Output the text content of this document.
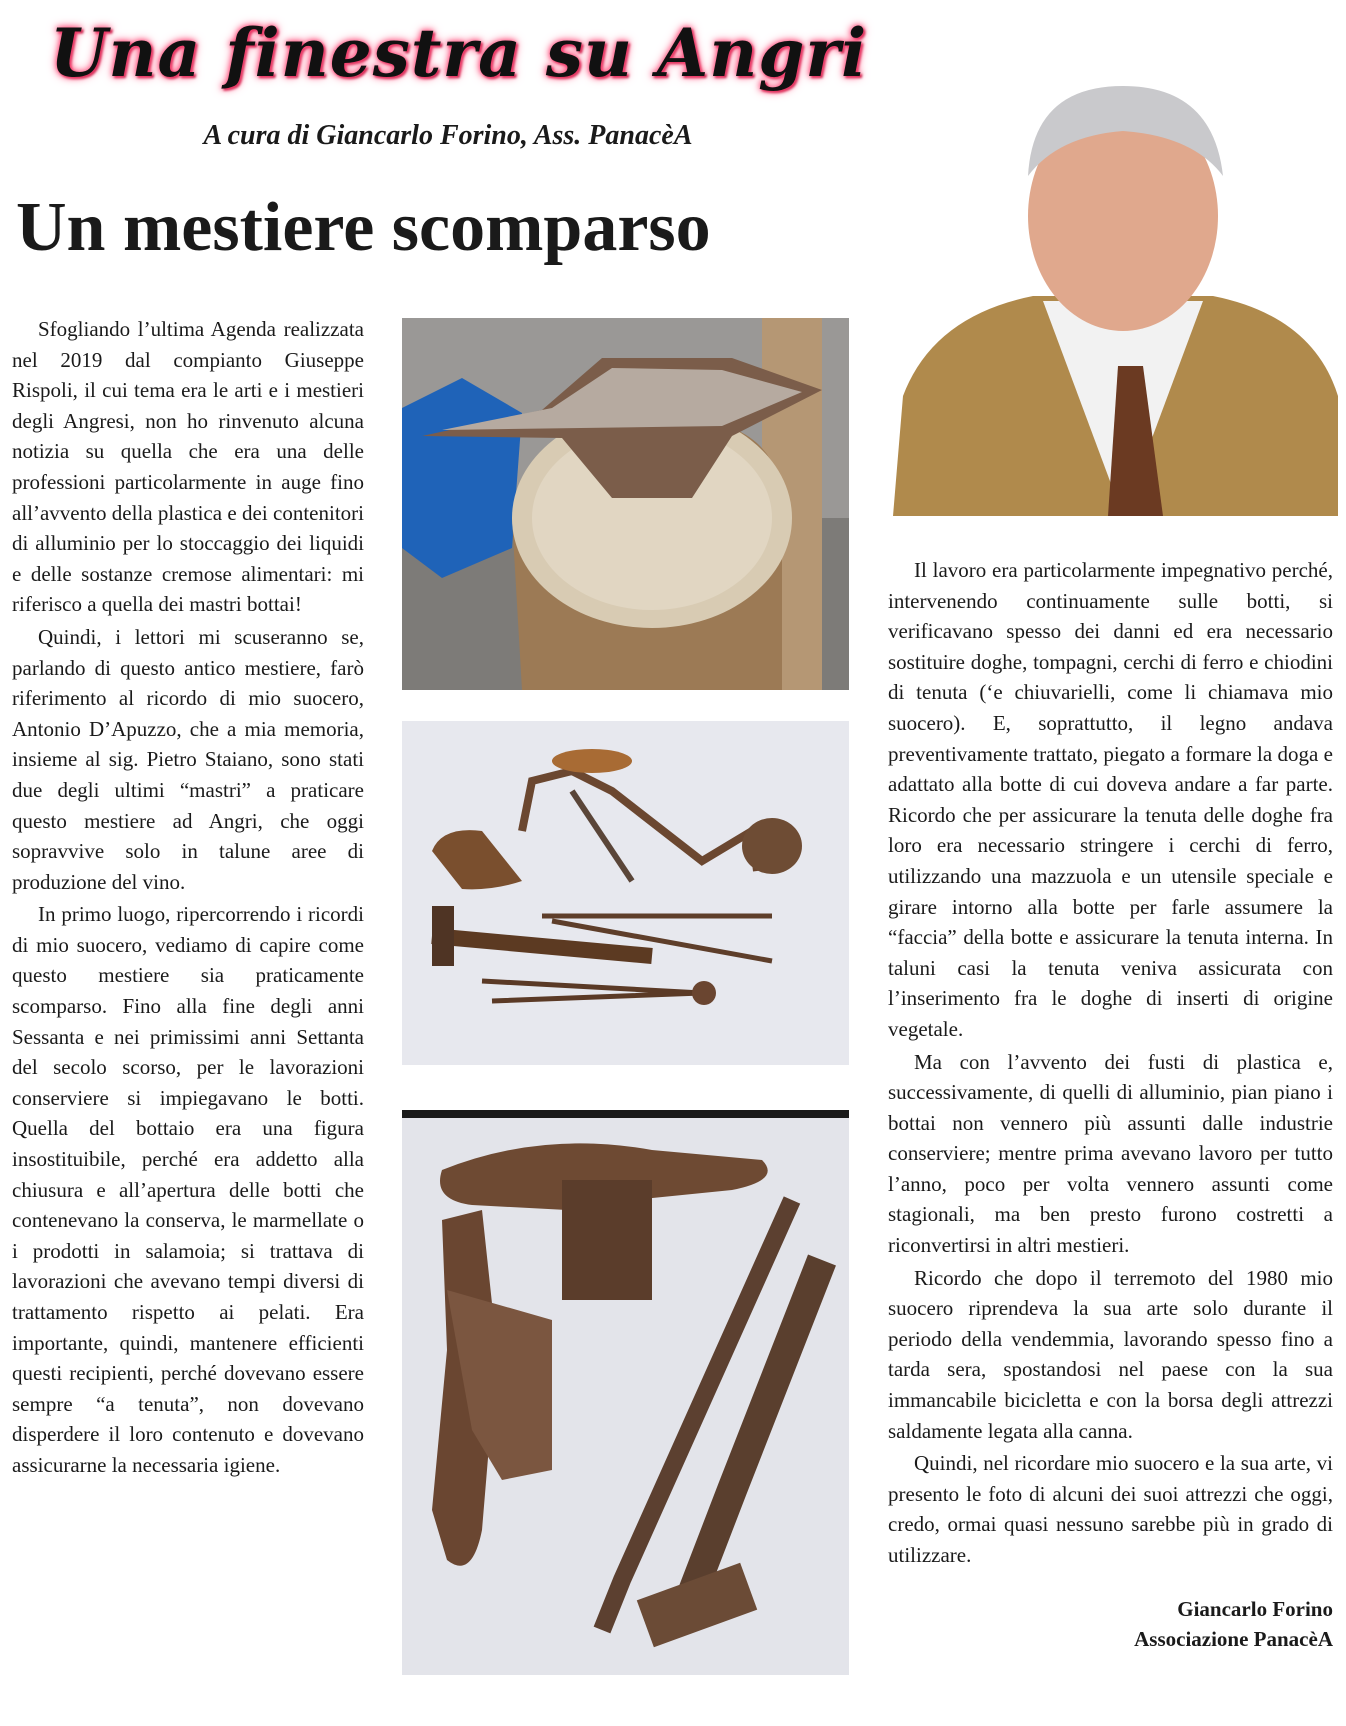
Una finestra su Angri
A cura di Giancarlo Forino, Ass. PanacèA
Un mestiere scomparso

Sfogliando l’ultima Agenda realizzata nel 2019 dal compianto Giuseppe Rispoli, il cui tema era le arti e i mestieri degli Angresi, non ho rinvenuto alcuna notizia su quella che era una delle professioni particolarmente in auge fino all’avvento della plastica e dei contenitori di alluminio per lo stoccaggio dei liquidi e delle sostanze cremose alimentari: mi riferisco a quella dei mastri bottai!

Quindi, i lettori mi scuseranno se, parlando di questo antico mestiere, farò riferimento al ricordo di mio suocero, Antonio D’Apuzzo, che a mia memoria, insieme al sig. Pietro Staiano, sono stati due degli ultimi “mastri” a praticare questo mestiere ad Angri, che oggi sopravvive solo in talune aree di produzione del vino.

In primo luogo, ripercorrendo i ricordi di mio suocero, vediamo di capire come questo mestiere sia praticamente scomparso. Fino alla fine degli anni Sessanta e nei primissimi anni Settanta del secolo scorso, per le lavorazioni conserviere si impiegavano le botti. Quella del bottaio era una figura insostituibile, perché era addetto alla chiusura e all’apertura delle botti che contenevano la conserva, le marmellate o i prodotti in salamoia; si trattava di lavorazioni che avevano tempi diversi di trattamento rispetto ai pelati. Era importante, quindi, mantenere efficienti questi recipienti, perché dovevano essere sempre “a tenuta”, non dovevano disperdere il loro contenuto e dovevano assicurarne la necessaria igiene.

Il lavoro era particolarmente impegnativo perché, intervenendo continuamente sulle botti, si verificavano spesso dei danni ed era necessario sostituire doghe, tompagni, cerchi di ferro e chiodini di tenuta (‘e chiuvarielli, come li chiamava mio suocero). E, soprattutto, il legno andava preventivamente trattato, piegato a formare la doga e adattato alla botte di cui doveva andare a far parte. Ricordo che per assicurare la tenuta delle doghe fra loro era necessario stringere i cerchi di ferro, utilizzando una mazzuola e un utensile speciale e girare intorno alla botte per farle assumere la “faccia” della botte e assicurare la tenuta interna. In taluni casi la tenuta veniva assicurata con l’inserimento fra le doghe di inserti di origine vegetale.

Ma con l’avvento dei fusti di plastica e, successivamente, di quelli di alluminio, pian piano i bottai non vennero più assunti dalle industrie conserviere; mentre prima avevano lavoro per tutto l’anno, poco per volta vennero assunti come stagionali, ma ben presto furono costretti a riconvertirsi in altri mestieri.

Ricordo che dopo il terremoto del 1980 mio suocero riprendeva la sua arte solo durante il periodo della vendemmia, lavorando spesso fino a tarda sera, spostandosi nel paese con la sua immancabile bicicletta e con la borsa degli attrezzi saldamente legata alla canna.

Quindi, nel ricordare mio suocero e la sua arte, vi presento le foto di alcuni dei suoi attrezzi che oggi, credo, ormai quasi nessuno sarebbe più in grado di utilizzare.

Giancarlo Forino
Associazione PanacèA
